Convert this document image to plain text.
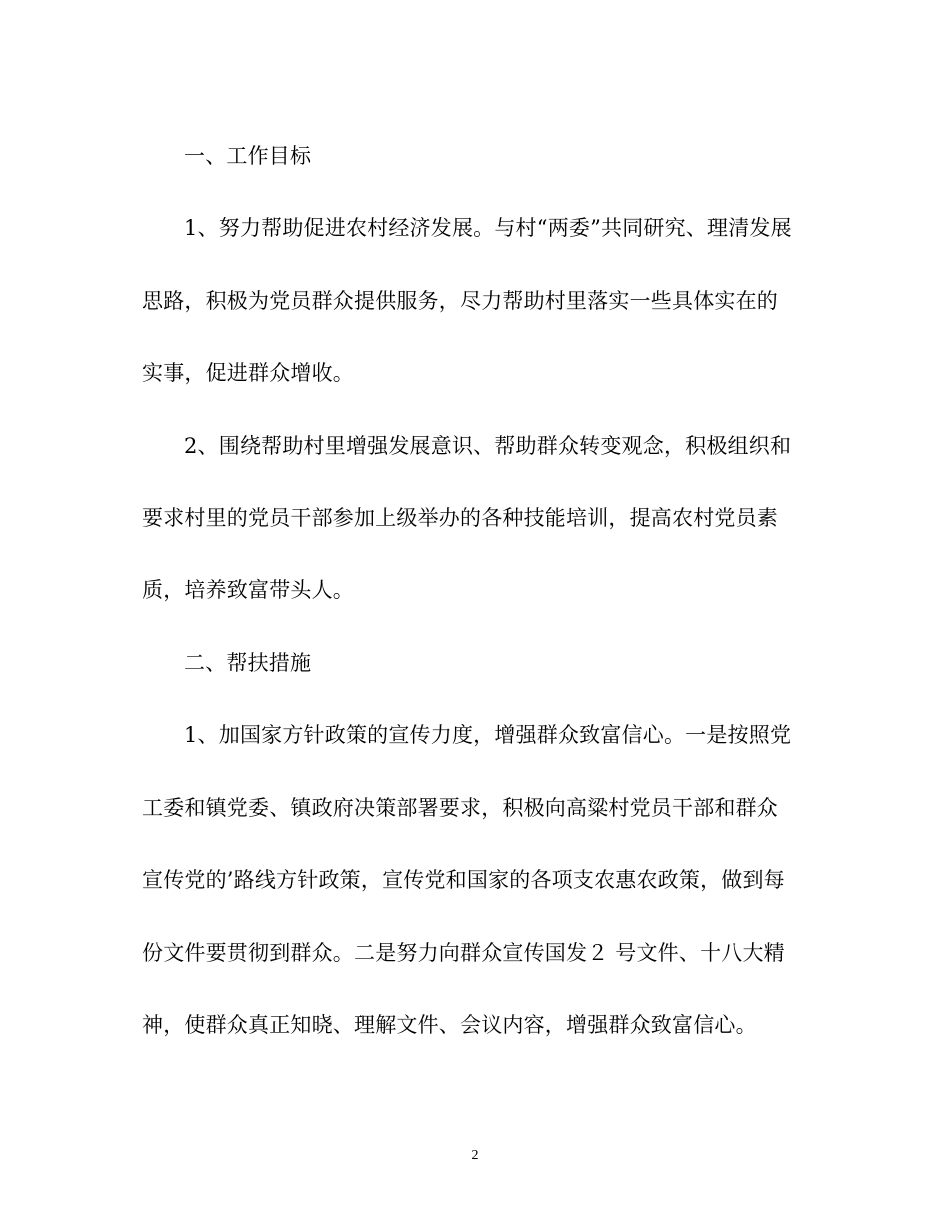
一、工作目标
1、努力帮助促进农村经济发展。与村“两委”共同研究、理清发展
思路，积极为党员群众提供服务，尽力帮助村里落实一些具体实在的
实事，促进群众增收。
2、围绕帮助村里增强发展意识、帮助群众转变观念，积极组织和
要求村里的党员干部参加上级举办的各种技能培训，提高农村党员素
质，培养致富带头人。
二、帮扶措施
1、加国家方针政策的宣传力度，增强群众致富信心。一是按照党
工委和镇党委、镇政府决策部署要求，积极向高粱村党员干部和群众
宣传党的’路线方针政策，宣传党和国家的各项支农惠农政策，做到每
份文件要贯彻到群众。二是努力向群众宣传国发２ 号文件、十八大精
神，使群众真正知晓、理解文件、会议内容，增强群众致富信心。
2
